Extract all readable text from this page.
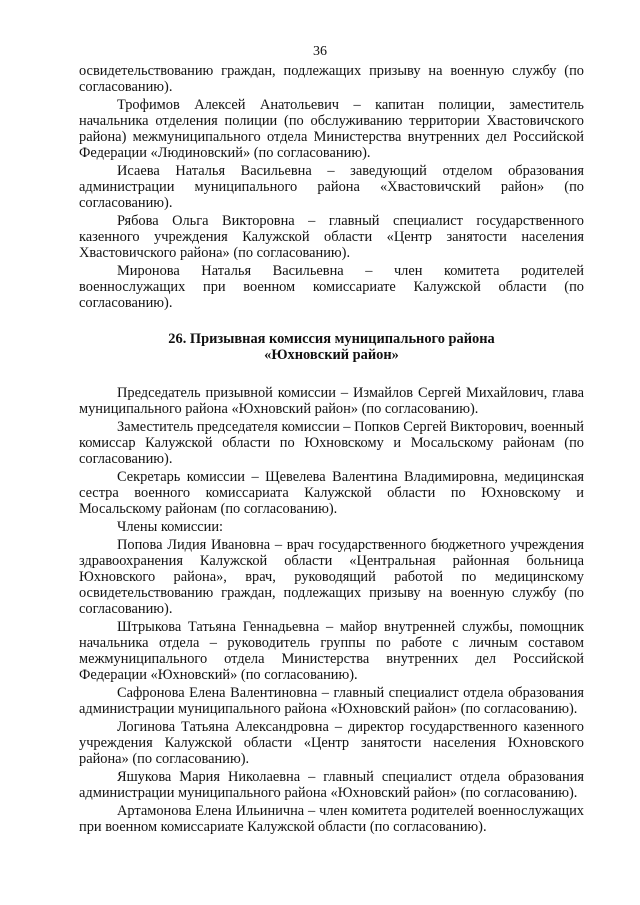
36

освидетельствованию граждан, подлежащих призыву на военную службу (по согласованию).

Трофимов Алексей Анатольевич – капитан полиции, заместитель начальника отделения полиции (по обслуживанию территории Хвастовичского района) межмуниципального отдела Министерства внутренних дел Российской Федерации «Людиновский» (по согласованию).

Исаева Наталья Васильевна – заведующий отделом образования администрации муниципального района «Хвастовичский район» (по согласованию).

Рябова Ольга Викторовна – главный специалист государственного казенного учреждения Калужской области «Центр занятости населения Хвастовичского района» (по согласованию).

Миронова Наталья Васильевна – член комитета родителей военнослужащих при военном комиссариате Калужской области (по согласованию).

26. Призывная комиссия муниципального района
«Юхновский район»

Председатель призывной комиссии – Измайлов Сергей Михайлович, глава муниципального района «Юхновский район» (по согласованию).

Заместитель председателя комиссии – Попков Сергей Викторович, военный комиссар Калужской области по Юхновскому и Мосальскому районам (по согласованию).

Секретарь комиссии – Щевелева Валентина Владимировна, медицинская сестра военного комиссариата Калужской области по Юхновскому и Мосальскому районам (по согласованию).

Члены комиссии:

Попова Лидия Ивановна – врач государственного бюджетного учреждения здравоохранения Калужской области «Центральная районная больница Юхновского района», врач, руководящий работой по медицинскому освидетельствованию граждан, подлежащих призыву на военную службу (по согласованию).

Штрыкова Татьяна Геннадьевна – майор внутренней службы, помощник начальника отдела – руководитель группы по работе с личным составом межмуниципального отдела Министерства внутренних дел Российской Федерации «Юхновский» (по согласованию).

Сафронова Елена Валентиновна – главный специалист отдела образования администрации муниципального района «Юхновский район» (по согласованию).

Логинова Татьяна Александровна – директор государственного казенного учреждения Калужской области «Центр занятости населения Юхновского района» (по согласованию).

Яшукова Мария Николаевна – главный специалист отдела образования администрации муниципального района «Юхновский район» (по согласованию).

Артамонова Елена Ильинична – член комитета родителей военнослужащих при военном комиссариате Калужской области (по согласованию).
